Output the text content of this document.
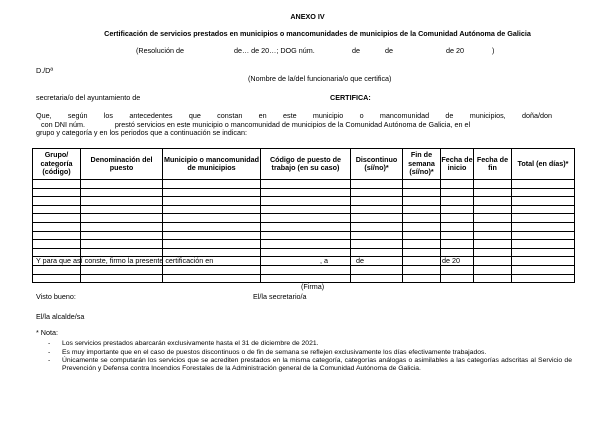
ANEXO IV
Certificación de servicios prestados en municipios o mancomunidades de municipios de la Comunidad Autónoma de Galicia
(Resolución de	de… de 20…; DOG núm.	de	de	de 20	)
D./Dª
(Nombre de la/del funcionaria/o que certifica)
secretaria/o del ayuntamiento de	CERTIFICA:
Que, según los antecedentes que constan en este municipio o mancomunidad de municipios, doña/don
con DNI núm.               prestó servicios en este municipio o mancomunidad de municipios de la Comunidad Autónoma de Galicia, en el
grupo y categoría y en los periodos que a continuación se indican:
Grupo/ categoría (código)	Denominación del puesto	Municipio o mancomunidad de municipios	Código de puesto de trabajo (en su caso)	Discontinuo (sí/no)*	Fin de semana (sí/no)*	Fecha de inicio	Fecha de fin	Total (en días)*

Y para que así conste, firmo la presente certificación en	, a	de	de 20
(Firma)
Visto bueno:	El/la secretario/a
El/la alcalde/sa
* Nota:
- Los servicios prestados abarcarán exclusivamente hasta el 31 de diciembre de 2021.
- Es muy importante que en el caso de puestos discontinuos o de fin de semana se reflejen exclusivamente los días efectivamente trabajados.
- Únicamente se computarán los servicios que se acrediten prestados en la misma categoría, categorías análogas o asimilables a las categorías adscritas al Servicio de Prevención y Defensa contra Incendios Forestales de la Administración general de la Comunidad Autónoma de Galicia.
